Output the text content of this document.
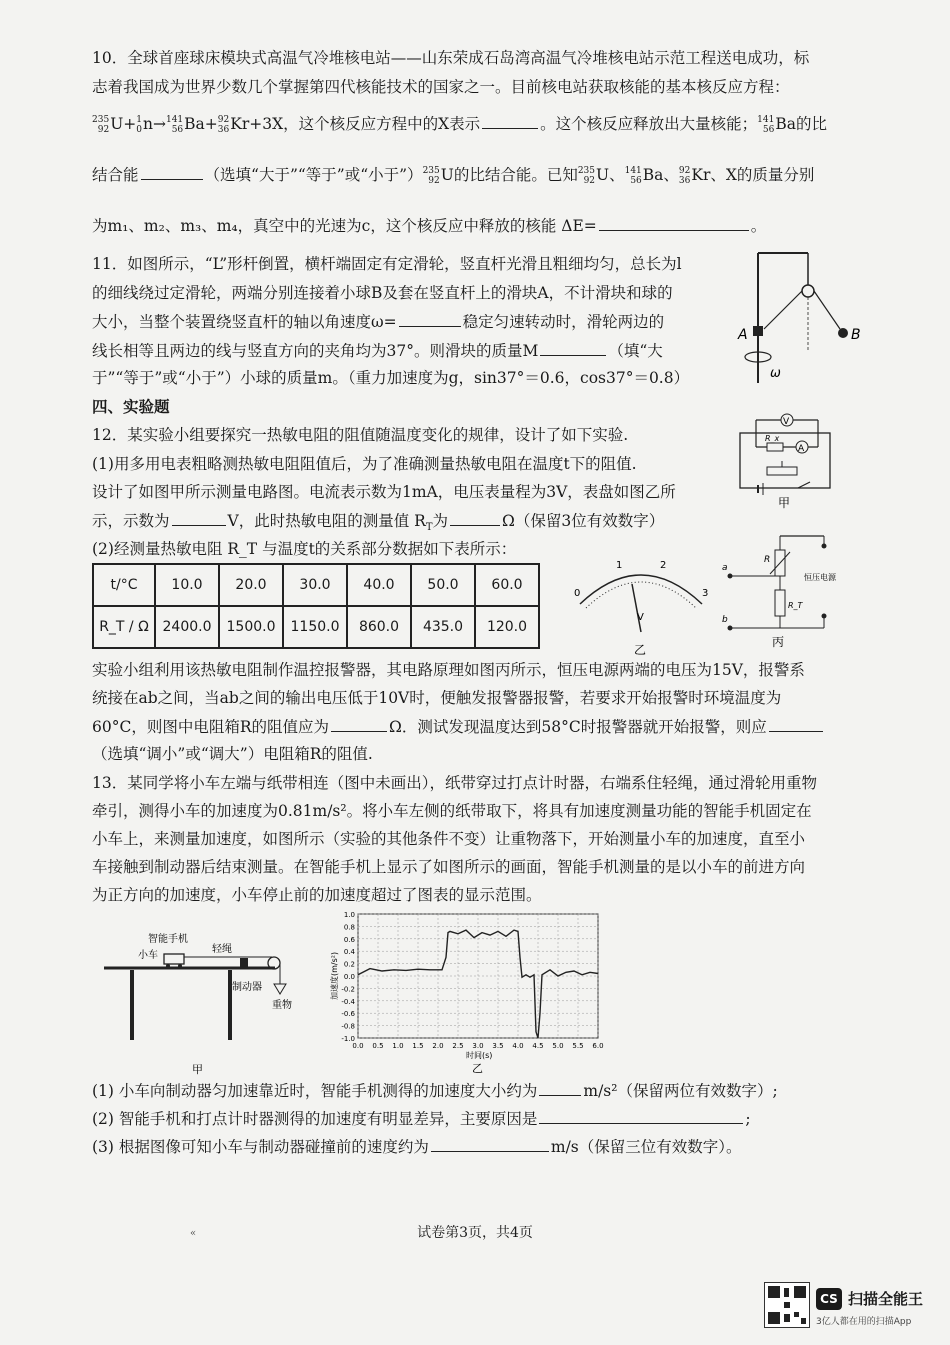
10．全球首座球床模块式高温气冷堆核电站——山东荣成石岛湾高温气冷堆核电站示范工程送电成功，标
志着我国成为世界少数几个掌握第四代核能技术的国家之一。目前核电站获取核能的基本核反应方程：
235
92 U+ 1
0 n→ 141
56 Ba+ 92
36 Kr+3X，这个核反应方程中的X表示	。这个核反应释放出大量核能； 141
56 Ba的比
结合能	（选填“大于”“等于”或“小于”） 235
92 U的比结合能。已知 235
92 U、 141
56 Ba、 92
36 Kr、X的质量分别
为m₁、m₂、m₃、m₄，真空中的光速为c，这个核反应中释放的核能 ΔE=	。
11．如图所示，“L”形杆倒置，横杆端固定有定滑轮，竖直杆光滑且粗细均匀，总长为l
的细线绕过定滑轮，两端分别连接着小球B及套在竖直杆上的滑块A，不计滑块和球的
大小，当整个装置绕竖直杆的轴以角速度ω=	稳定匀速转动时，滑轮两边的
线长相等且两边的线与竖直方向的夹角均为37°。则滑块的质量M	（填“大
于”“等于”或“小于”）小球的质量m。（重力加速度为g，sin37°＝0.6，cos37°＝0.8）
A	B
ω
四、实验题
12．某实验小组要探究一热敏电阻的阻值随温度变化的规律，设计了如下实验.
(1)用多用电表粗略测热敏电阻阻值后，为了准确测量热敏电阻在温度t下的阻值.
设计了如图甲所示测量电路图。电流表示数为1mA，电压表量程为3V，表盘如图乙所
示，示数为	V，此时热敏电阻的测量值 $R_T$为	Ω（保留3位有效数字）
(2)经测量热敏电阻 R_T 与温度t的关系部分数据如下表所示：
V
R_x
A
甲
t/°C	10.0	20.0	30.0	40.0	50.0	60.0
R_T / Ω	2400.0	1500.0	1150.0	860.0	435.0	120.0
0
1	2
3
V
乙
R
a
R_T
b
恒压电源
丙
实验小组利用该热敏电阻制作温控报警器，其电路原理如图丙所示，恒压电源两端的电压为15V，报警系
统接在ab之间，当ab之间的输出电压低于10V时，便触发报警器报警，若要求开始报警时环境温度为
60°C，则图中电阻箱R的阻值应为	Ω．测试发现温度达到58°C时报警器就开始报警，则应
（选填“调小”或“调大”）电阻箱R的阻值.
13．某同学将小车左端与纸带相连（图中未画出），纸带穿过打点计时器，右端系住轻绳，通过滑轮用重物
牵引，测得小车的加速度为0.81m/s²。将小车左侧的纸带取下，将具有加速度测量功能的智能手机固定在
小车上，来测量加速度，如图所示（实验的其他条件不变）让重物落下，开始测量小车的加速度，直至小
车接触到制动器后结束测量。在智能手机上显示了如图所示的画面，智能手机测量的是以小车的前进方向
为正方向的加速度，小车停止前的加速度超过了图表的显示范围。
智能手机
小车
轻绳
制动器
重物
甲
1.0
0.8
0.6
0.4
0.2
0.0
-0.2
-0.4
-0.6
-0.8
-1.0
0.0 0.5 1.0 1.5 2.0 2.5 3.0 3.5 4.0 4.5 5.0 5.5 6.0
加速度(m/s²)
时间(s)
乙
(1) 小车向制动器匀加速靠近时，智能手机测得的加速度大小约为	m/s²（保留两位有效数字）;
(2) 智能手机和打点计时器测得的加速度有明显差异，主要原因是	;
(3) 根据图像可知小车与制动器碰撞前的速度约为	m/s（保留三位有效数字）。
«	试卷第3页，共4页
CS 扫描全能王
3亿人都在用的扫描App
